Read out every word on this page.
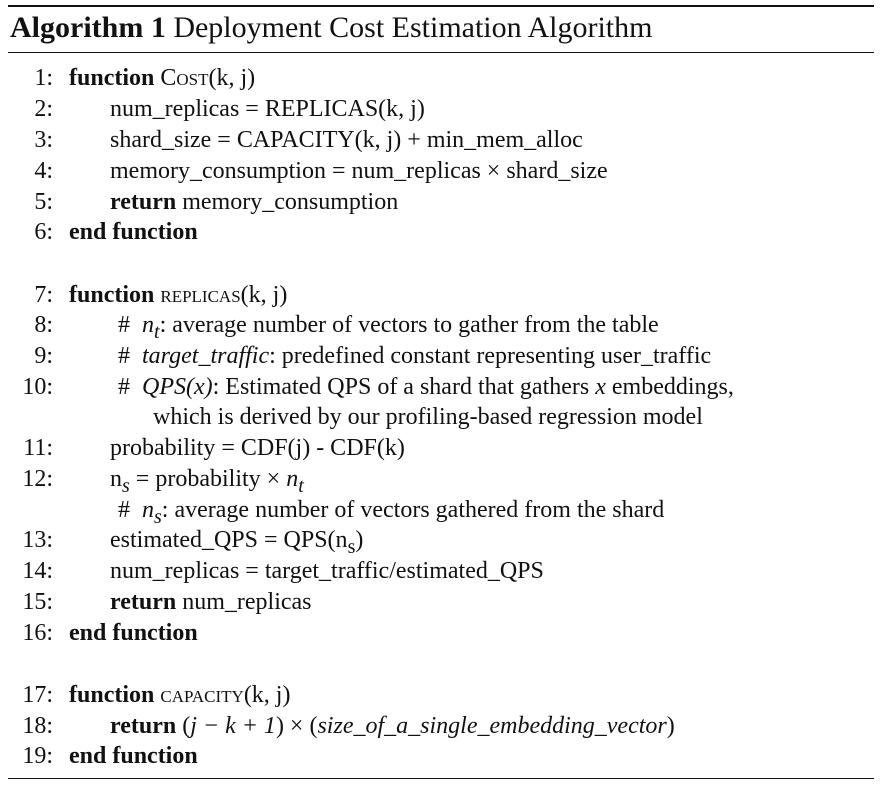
Algorithm 1 Deployment Cost Estimation Algorithm
1: function Cost(k, j)
2: num_replicas = REPLICAS(k, j)
3: shard_size = CAPACITY(k, j) + min_mem_alloc
4: memory_consumption = num_replicas × shard_size
5: return memory_consumption
6: end function
7: function replicas(k, j)
8:	# $n_t$: average number of vectors to gather from the table
9:	# target_traffic: predefined constant representing user_traffic
10:	# QPS(x): Estimated QPS of a shard that gathers x embeddings,
which is derived by our profiling-based regression model
11: probability = CDF(j) - CDF(k)
12: $n_s$ = probability × $n_t$
# $n_s$: average number of vectors gathered from the shard
13: estimated_QPS = $QPS(n_s)$
14: num_replicas = target_traffic/estimated_QPS
15: return num_replicas
16: end function
17: function capacity(k, j)
18: return (j − k + 1) × (size_of_a_single_embedding_vector)
19: end function
